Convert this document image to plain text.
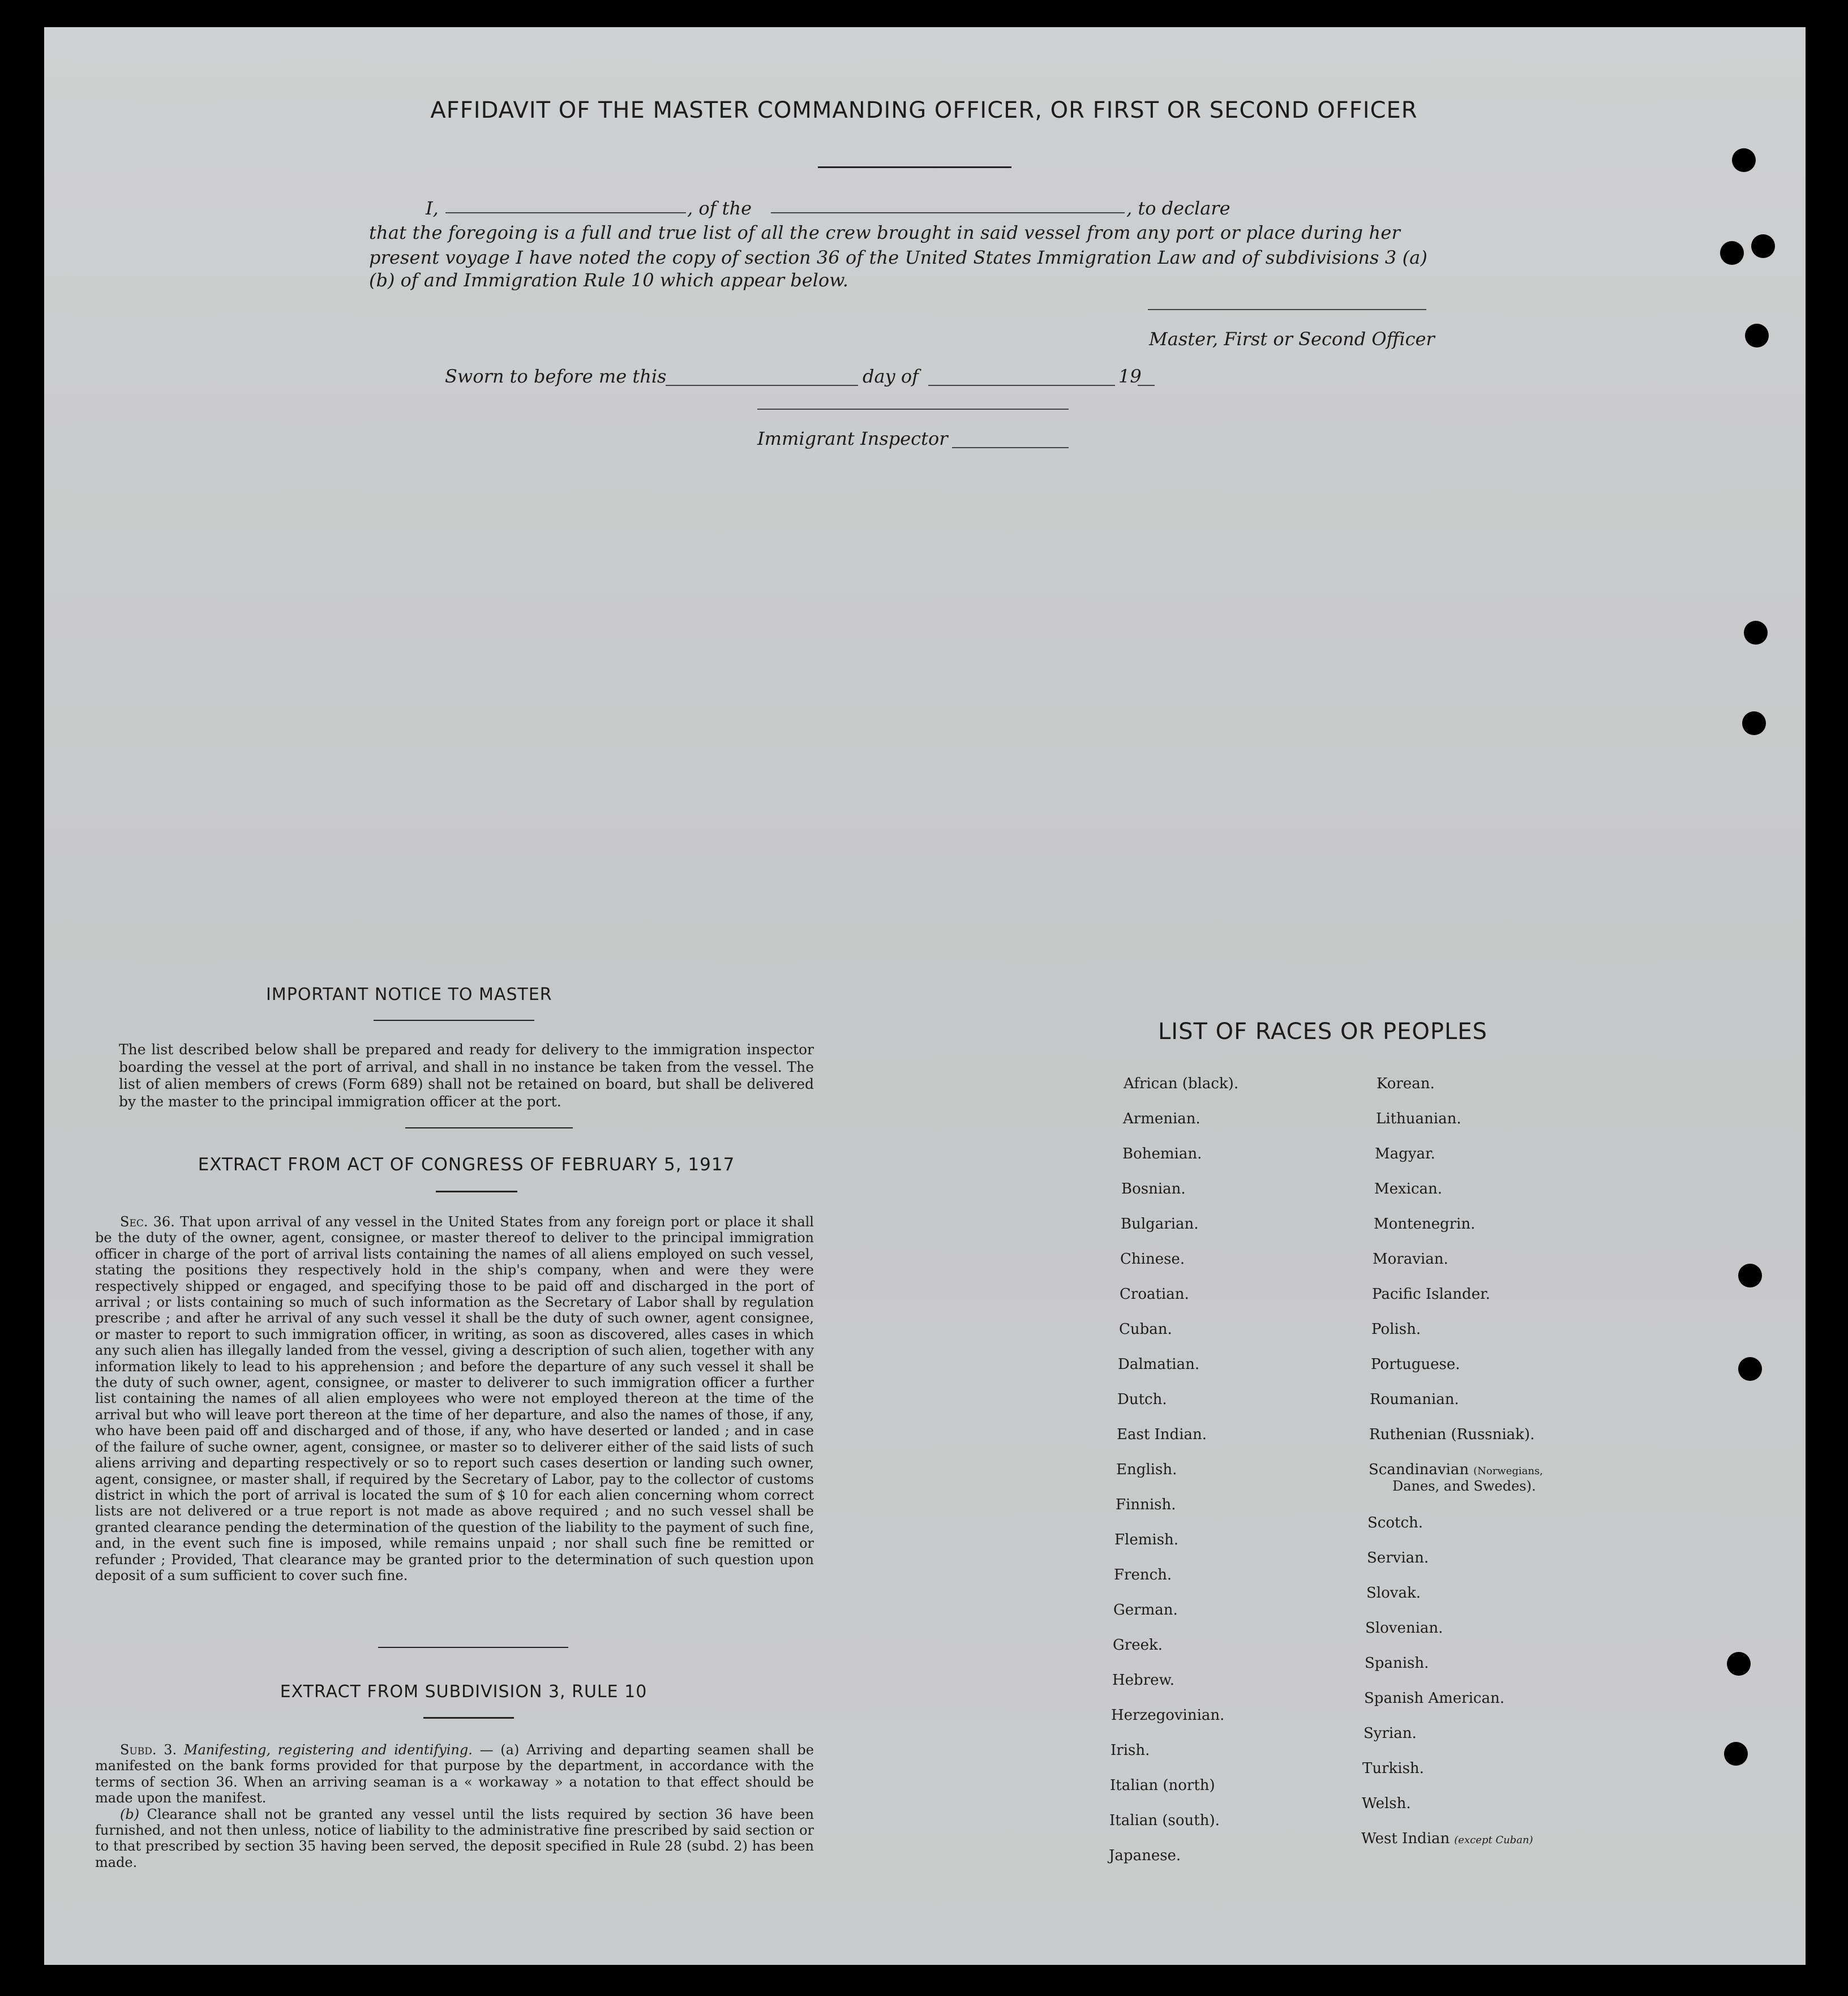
AFFIDAVIT OF THE MASTER COMMANDING OFFICER, OR FIRST OR SECOND OFFICER
I,	, of the	, to declare
that the foregoing is a full and true list of all the crew brought in said vessel from any port or place during her
present voyage I have noted the copy of section 36 of the United States Immigration Law and of subdivisions 3 (a)
(b) of and Immigration Rule 10 which appear below.
Master, First or Second Officer
Sworn to before me this	day of	19
Immigrant Inspector
IMPORTANT NOTICE TO MASTER
The list described below shall be prepared and ready for delivery to the immigration inspector boarding the vessel at the port of arrival, and shall in no instance be taken from the vessel. The list of alien members of crews (Form 689) shall not be retained on board, but shall be delivered by the master to the principal immigration officer at the port.
EXTRACT FROM ACT OF CONGRESS OF FEBRUARY 5, 1917

Sec. 36. That upon arrival of any vessel in the United States from any foreign port or place it shall be the duty of the owner, agent, consignee, or master thereof to deliver to the principal immigration officer in charge of the port of arrival lists containing the names of all aliens employed on such vessel, stating the positions they respectively hold in the ship's company, when and were they were respectively shipped or engaged, and specifying those to be paid off and discharged in the port of arrival ; or lists containing so much of such information as the Secretary of Labor shall by regulation prescribe ; and after he arrival of any such vessel it shall be the duty of such owner, agent consignee, or master to report to such immigration officer, in writing, as soon as discovered, alles cases in which any such alien has illegally landed from the vessel, giving a description of such alien, together with any information likely to lead to his apprehension ; and before the departure of any such vessel it shall be the duty of such owner, agent, consignee, or master to deliverer to such immigration officer a further list containing the names of all alien employees who were not employed thereon at the time of the arrival but who will leave port thereon at the time of her departure, and also the names of those, if any, who have been paid off and discharged and of those, if any, who have deserted or landed ; and in case of the failure of suche owner, agent, consignee, or master so to deliverer either of the said lists of such aliens arriving and departing respectively or so to report such cases desertion or landing such owner, agent, consignee, or master shall, if required by the Secretary of Labor, pay to the collector of customs district in which the port of arrival is located the sum of $ 10 for each alien concerning whom correct lists are not delivered or a true report is not made as above required ; and no such vessel shall be granted clearance pending the determination of the question of the liability to the payment of such fine, and, in the event such fine is imposed, while remains unpaid ; nor shall such fine be remitted or refunder ; Provided, That clearance may be granted prior to the determination of such question upon deposit of a sum sufficient to cover such fine.

EXTRACT FROM SUBDIVISION 3, RULE 10

Subd. 3. Manifesting, registering and identifying. — (a) Arriving and departing seamen shall be manifested on the bank forms provided for that purpose by the department, in accordance with the terms of section 36. When an arriving seaman is a « workaway » a notation to that effect should be made upon the manifest.

(b) Clearance shall not be granted any vessel until the lists required by section 36 have been furnished, and not then unless, notice of liability to the administrative fine prescribed by said section or to that prescribed by section 35 having been served, the deposit specified in Rule 28 (subd. 2) has been made.

LIST OF RACES OR PEOPLES
African (black).
Armenian.
Bohemian.
Bosnian.
Bulgarian.
Chinese.
Croatian.
Cuban.
Dalmatian.
Dutch.
East Indian.
English.
Finnish.
Flemish.
French.
German.
Greek.
Hebrew.
Herzegovinian.
Irish.
Italian (north)
Italian (south).
Japanese.
Korean.
Lithuanian.
Magyar.
Mexican.
Montenegrin.
Moravian.
Pacific Islander.
Polish.
Portuguese.
Roumanian.
Ruthenian (Russniak).
Scandinavian (Norwegians,
Danes, and Swedes).
Scotch.
Servian.
Slovak.
Slovenian.
Spanish.
Spanish American.
Syrian.
Turkish.
Welsh.
West Indian (except Cuban)
